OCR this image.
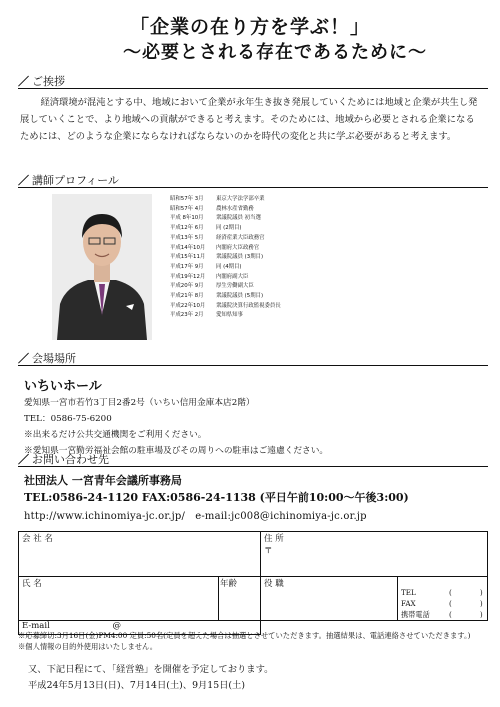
「企業の在り方を学ぶ！」
～必要とされる存在であるために～
／ ご挨拶
経済環境が混沌とする中、地域において企業が永年生き抜き発展していくためには地域と企業が共生し発展していくことで、より地域への貢献ができると考えます。そのためには、地域から必要とされる企業になるためには、どのような企業にならなければならないのかを時代の変化と共に学ぶ必要があると考えます。
／ 講師プロフィール
昭和57年 3月	東京大学法学部卒業
昭和57年 4月	農林水産省勤務
平成 8年10月	衆議院議員 初当選
平成12年 6月	同 (2期目)
平成13年 5月	経済産業大臣政務官
平成14年10月	内閣府大臣政務官
平成15年11月	衆議院議員 (3期目)
平成17年 9月	同 (4期目)
平成19年12月	内閣府副大臣
平成20年 9月	厚生労働副大臣
平成21年 8月	衆議院議員 (5期目)
平成22年10月	衆議院決算行政監視委員長
平成23年 2月	愛知県知事
／ 会場場所
いちいホール
愛知県一宮市若竹3丁目2番2号（いちい信用金庫本店2階）
TEL：0586-75-6200
※出来るだけ公共交通機関をご利用ください。
※愛知県一宮勤労福祉会館の駐車場及びその周りへの駐車はご遠慮ください。
／ お問い合わせ先
社団法人 一宮青年会議所事務局
TEL:0586-24-1120 FAX:0586-24-1138 (平日午前10:00～午後3:00)
http://www.ichinomiya-jc.or.jp/ e-mail:jc008@ichinomiya-jc.or.jp
会 社 名		住 所
〒	

氏 名	年齢	役 職	TEL ( )
FAX ( )
携帯電話 ( )

E-mail @			
※応募締切:3月16日(金)PM4:00 定員:50名(定員を超えた場合は抽選とさせていただきます。抽選結果は、電話連絡させていただきます。)
※個人情報の目的外使用はいたしません。
又、下記日程にて、「経営塾」を開催を予定しております。
平成24年5月13日(日)、7月14日(土)、9月15日(土)
